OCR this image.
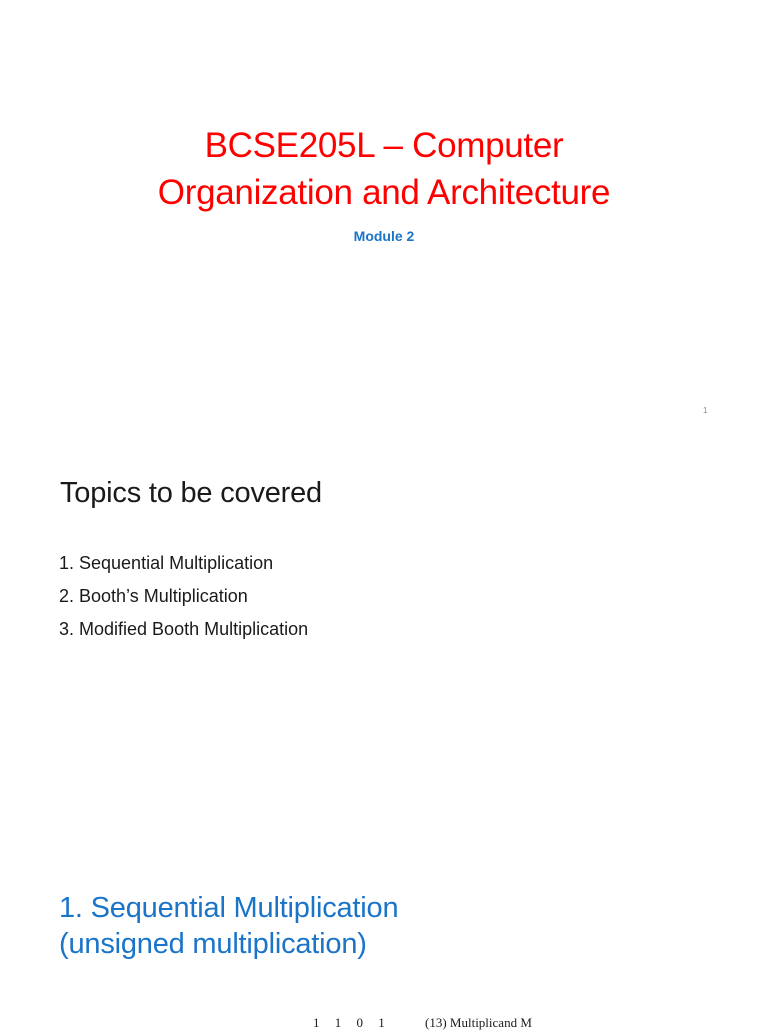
BCSE205L – Computer
Organization and Architecture
Module 2
1
Topics to be covered
1. Sequential Multiplication
2. Booth’s Multiplication
3. Modified Booth Multiplication
1. Sequential Multiplication
(unsigned multiplication)
1 1 0 1	(13) Multiplicand M
